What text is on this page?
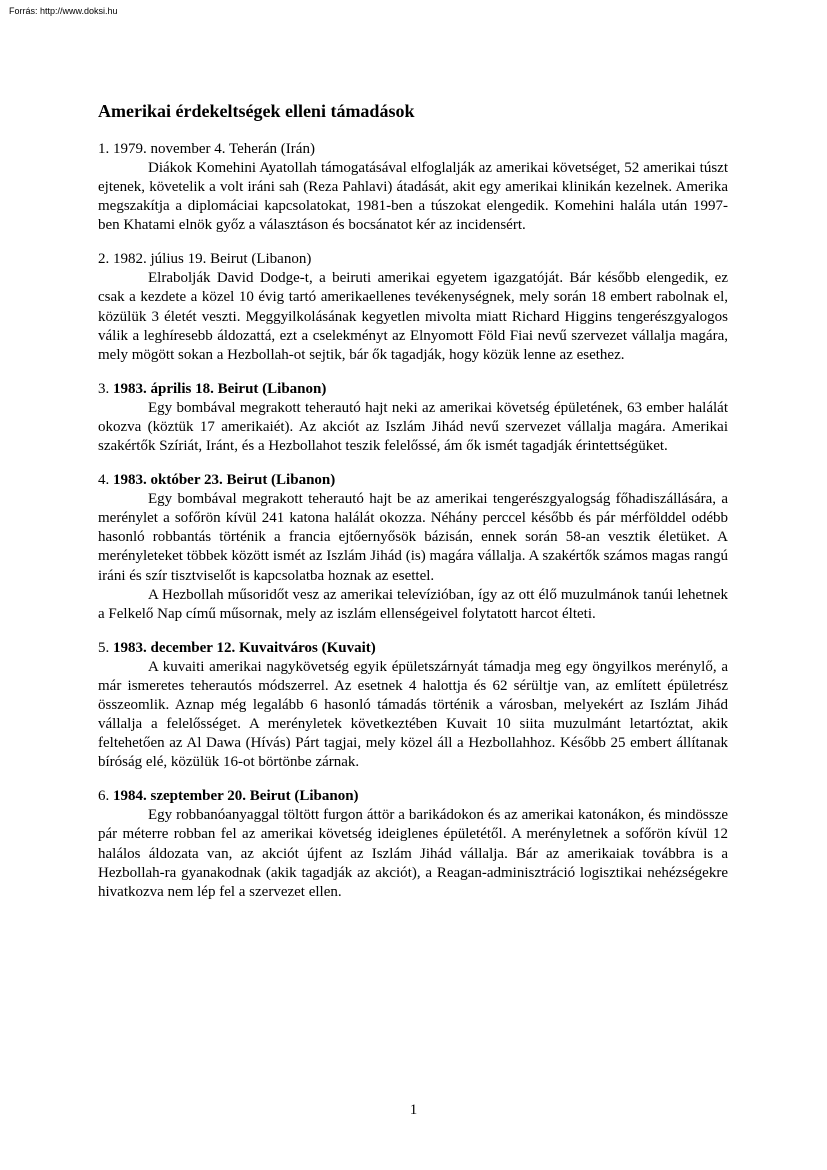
Forrás: http://www.doksi.hu
Amerikai érdekeltségek elleni támadások
1. 1979. november 4. Teherán (Irán)

Diákok Komehini Ayatollah támogatásával elfoglalják az amerikai követséget, 52 amerikai túszt ejtenek, követelik a volt iráni sah (Reza Pahlavi) átadását, akit egy amerikai klinikán kezelnek. Amerika megszakítja a diplomáciai kapcsolatokat, 1981-ben a túszokat elengedik. Komehini halála után 1997-ben Khatami elnök győz a választáson és bocsánatot kér az incidensért.

2. 1982. július 19. Beirut (Libanon)

Elrabolják David Dodge-t, a beiruti amerikai egyetem igazgatóját. Bár később elengedik, ez csak a kezdete a közel 10 évig tartó amerikaellenes tevékenységnek, mely során 18 embert rabolnak el, közülük 3 életét veszti. Meggyilkolásának kegyetlen mivolta miatt Richard Higgins tengerészgyalogos válik a leghíresebb áldozattá, ezt a cselekményt az Elnyomott Föld Fiai nevű szervezet vállalja magára, mely mögött sokan a Hezbollah-ot sejtik, bár ők tagadják, hogy közük lenne az esethez.

3. 1983. április 18. Beirut (Libanon)

Egy bombával megrakott teherautó hajt neki az amerikai követség épületének, 63 ember halálát okozva (köztük 17 amerikaiét). Az akciót az Iszlám Jihád nevű szervezet vállalja magára. Amerikai szakértők Szíriát, Iránt, és a Hezbollahot teszik felelőssé, ám ők ismét tagadják érintettségüket.

4. 1983. október 23. Beirut (Libanon)

Egy bombával megrakott teherautó hajt be az amerikai tengerészgyalogság főhadiszállására, a merénylet a sofőrön kívül 241 katona halálát okozza. Néhány perccel később és pár mérfölddel odébb hasonló robbantás történik a francia ejtőernyősök bázisán, ennek során 58-an vesztik életüket. A merényleteket többek között ismét az Iszlám Jihád (is) magára vállalja. A szakértők számos magas rangú iráni és szír tisztviselőt is kapcsolatba hoznak az esettel.

A Hezbollah műsoridőt vesz az amerikai televízióban, így az ott élő muzulmánok tanúi lehetnek a Felkelő Nap című műsornak, mely az iszlám ellenségeivel folytatott harcot élteti.

5. 1983. december 12. Kuvaitváros (Kuvait)

A kuvaiti amerikai nagykövetség egyik épületszárnyát támadja meg egy öngyilkos merénylő, a már ismeretes teherautós módszerrel. Az esetnek 4 halottja és 62 sérültje van, az említett épületrész összeomlik. Aznap még legalább 6 hasonló támadás történik a városban, melyekért az Iszlám Jihád vállalja a felelősséget. A merényletek következtében Kuvait 10 siita muzulmánt letartóztat, akik feltehetően az Al Dawa (Hívás) Párt tagjai, mely közel áll a Hezbollahhoz. Később 25 embert állítanak bíróság elé, közülük 16-ot börtönbe zárnak.

6. 1984. szeptember 20. Beirut (Libanon)

Egy robbanóanyaggal töltött furgon áttör a barikádokon és az amerikai katonákon, és mindössze pár méterre robban fel az amerikai követség ideiglenes épületétől. A merényletnek a sofőrön kívül 12 halálos áldozata van, az akciót újfent az Iszlám Jihád vállalja. Bár az amerikaiak továbbra is a Hezbollah-ra gyanakodnak (akik tagadják az akciót), a Reagan-adminisztráció logisztikai nehézségekre hivatkozva nem lép fel a szervezet ellen.

1
